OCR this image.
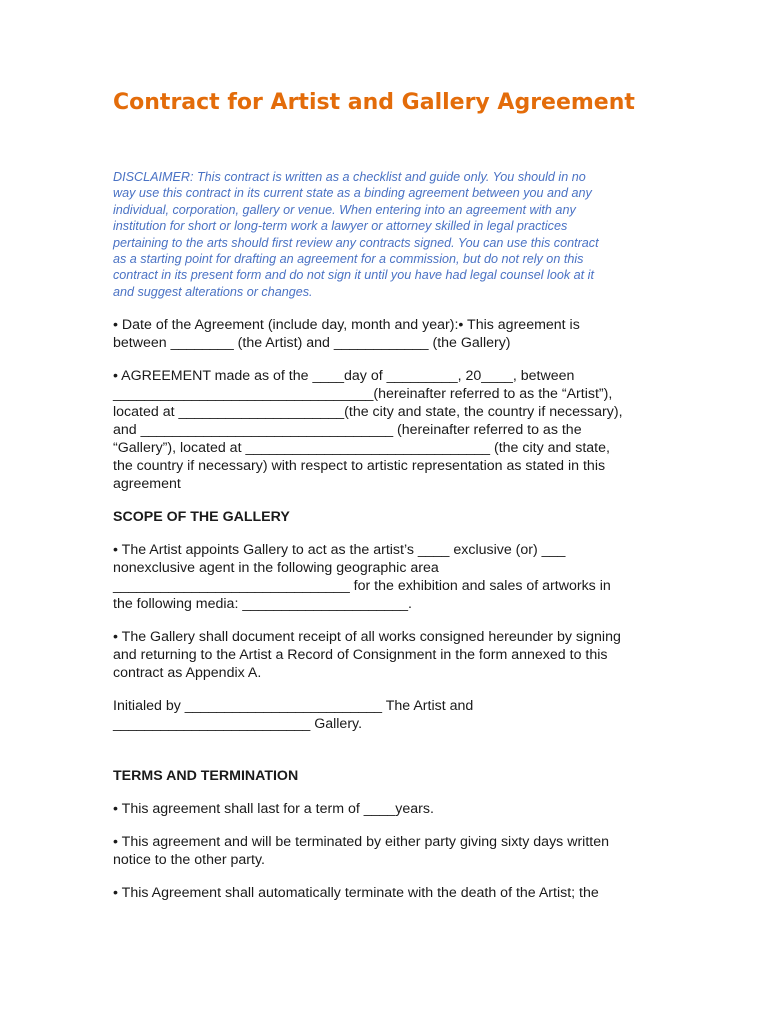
Contract for Artist and Gallery Agreement
DISCLAIMER: This contract is written as a checklist and guide only. You should in no
way use this contract in its current state as a binding agreement between you and any
individual, corporation, gallery or venue. When entering into an agreement with any
institution for short or long-term work a lawyer or attorney skilled in legal practices
pertaining to the arts should first review any contracts signed. You can use this contract
as a starting point for drafting an agreement for a commission, but do not rely on this
contract in its present form and do not sign it until you have had legal counsel look at it
and suggest alterations or changes.
• Date of the Agreement (include day, month and year):• This agreement is
between ________ (the Artist) and ____________ (the Gallery)
• AGREEMENT made as of the ____day of _________, 20____, between
_________________________________(hereinafter referred to as the “Artist”),
located at _____________________(the city and state, the country if necessary),
and ________________________________ (hereinafter referred to as the
“Gallery”), located at _______________________________ (the city and state,
the country if necessary) with respect to artistic representation as stated in this
agreement
SCOPE OF THE GALLERY
• The Artist appoints Gallery to act as the artist’s ____ exclusive (or) ___
nonexclusive agent in the following geographic area
______________________________ for the exhibition and sales of artworks in
the following media: _____________________.
• The Gallery shall document receipt of all works consigned hereunder by signing
and returning to the Artist a Record of Consignment in the form annexed to this
contract as Appendix A.
Initialed by _________________________ The Artist and
_________________________ Gallery.
TERMS AND TERMINATION
• This agreement shall last for a term of ____years.
• This agreement and will be terminated by either party giving sixty days written
notice to the other party.
• This Agreement shall automatically terminate with the death of the Artist; the
